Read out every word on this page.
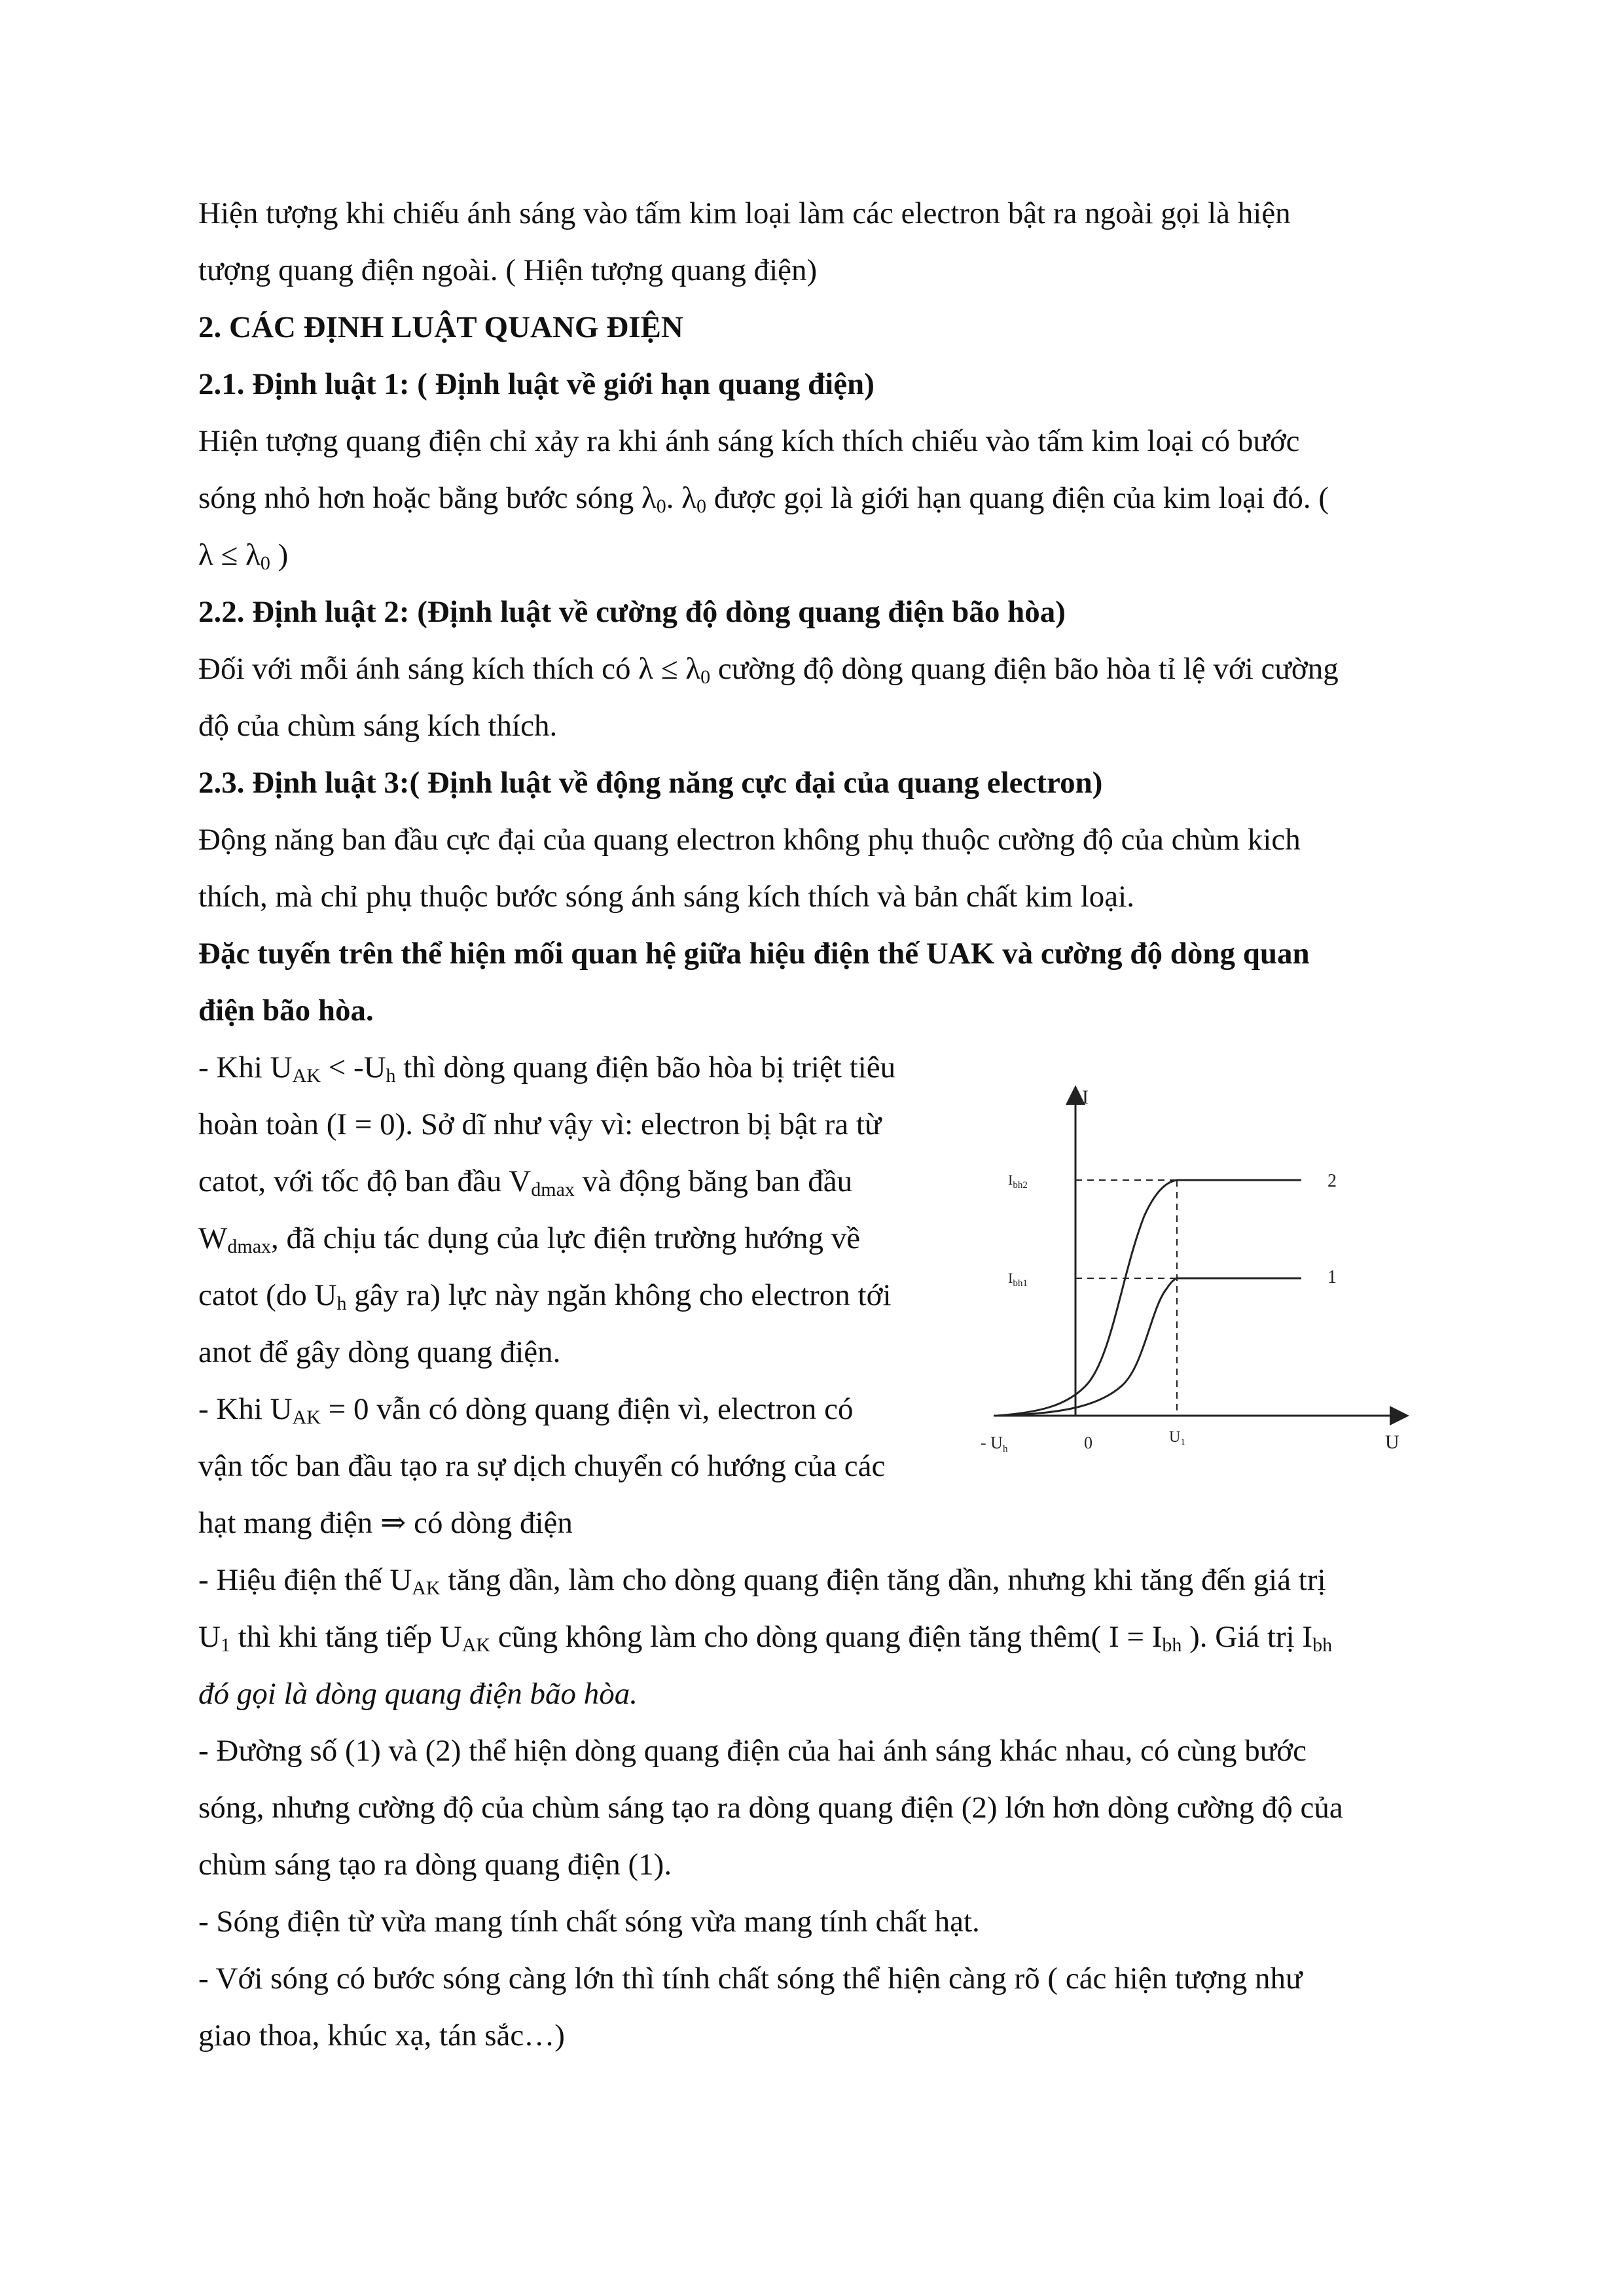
Hiện tượng khi chiếu ánh sáng vào tấm kim loại làm các electron bật ra ngoài gọi là hiện
tượng quang điện ngoài. ( Hiện tượng quang điện)

2. CÁC ĐỊNH LUẬT QUANG ĐIỆN

2.1. Định luật 1: ( Định luật về giới hạn quang điện)

Hiện tượng quang điện chỉ xảy ra khi ánh sáng kích thích chiếu vào tấm kim loại có bước
sóng nhỏ hơn hoặc bằng bước sóng $\lambda_0$. $\lambda_0$ được gọi là giới hạn quang điện của kim loại đó. (
$\lambda \le \lambda_0$ )

2.2. Định luật 2: (Định luật về cường độ dòng quang điện bão hòa)

Đối với mỗi ánh sáng kích thích có $\lambda \le \lambda_0$ cường độ dòng quang điện bão hòa tỉ lệ với cường
độ của chùm sáng kích thích.

2.3. Định luật 3:( Định luật về động năng cực đại của quang electron)

Động năng ban đầu cực đại của quang electron không phụ thuộc cường độ của chùm kich
thích, mà chỉ phụ thuộc bước sóng ánh sáng kích thích và bản chất kim loại.

Đặc tuyến trên thể hiện mối quan hệ giữa hiệu điện thế UAK và cường độ dòng quan
điện bão hòa.

- Khi $U_{AK} < -U_h$ thì dòng quang điện bão hòa bị triệt tiêu
hoàn toàn (I = 0). Sở dĩ như vậy vì: electron bị bật ra từ
catot, với tốc độ ban đầu $V_{dmax}$ và động băng ban đầu
$W_{dmax}$, đã chịu tác dụng của lực điện trường hướng về
catot (do $U_h$ gây ra) lực này ngăn không cho electron tới
anot để gây dòng quang điện.

- Khi $U_{AK} = 0$ vẫn có dòng quang điện vì, electron có
vận tốc ban đầu tạo ra sự dịch chuyển có hướng của các
hạt mang điện ⇒ có dòng điện

I
U
$I_{bh2}$
$I_{bh1}$
2
1
- Uh	0	$U_1$

- Hiệu điện thế $U_{AK}$ tăng dần, làm cho dòng quang điện tăng dần, nhưng khi tăng đến giá trị
$U_1$ thì khi tăng tiếp $U_{AK}$ cũng không làm cho dòng quang điện tăng thêm( $I = I_{bh}$ ). Giá trị $I_{bh}$
đó gọi là dòng quang điện bão hòa.

- Đường số (1) và (2) thể hiện dòng quang điện của hai ánh sáng khác nhau, có cùng bước
sóng, nhưng cường độ của chùm sáng tạo ra dòng quang điện (2) lớn hơn dòng cường độ của
chùm sáng tạo ra dòng quang điện (1).

- Sóng điện từ vừa mang tính chất sóng vừa mang tính chất hạt.

- Với sóng có bước sóng càng lớn thì tính chất sóng thể hiện càng rõ ( các hiện tượng như
giao thoa, khúc xạ, tán sắc…)
